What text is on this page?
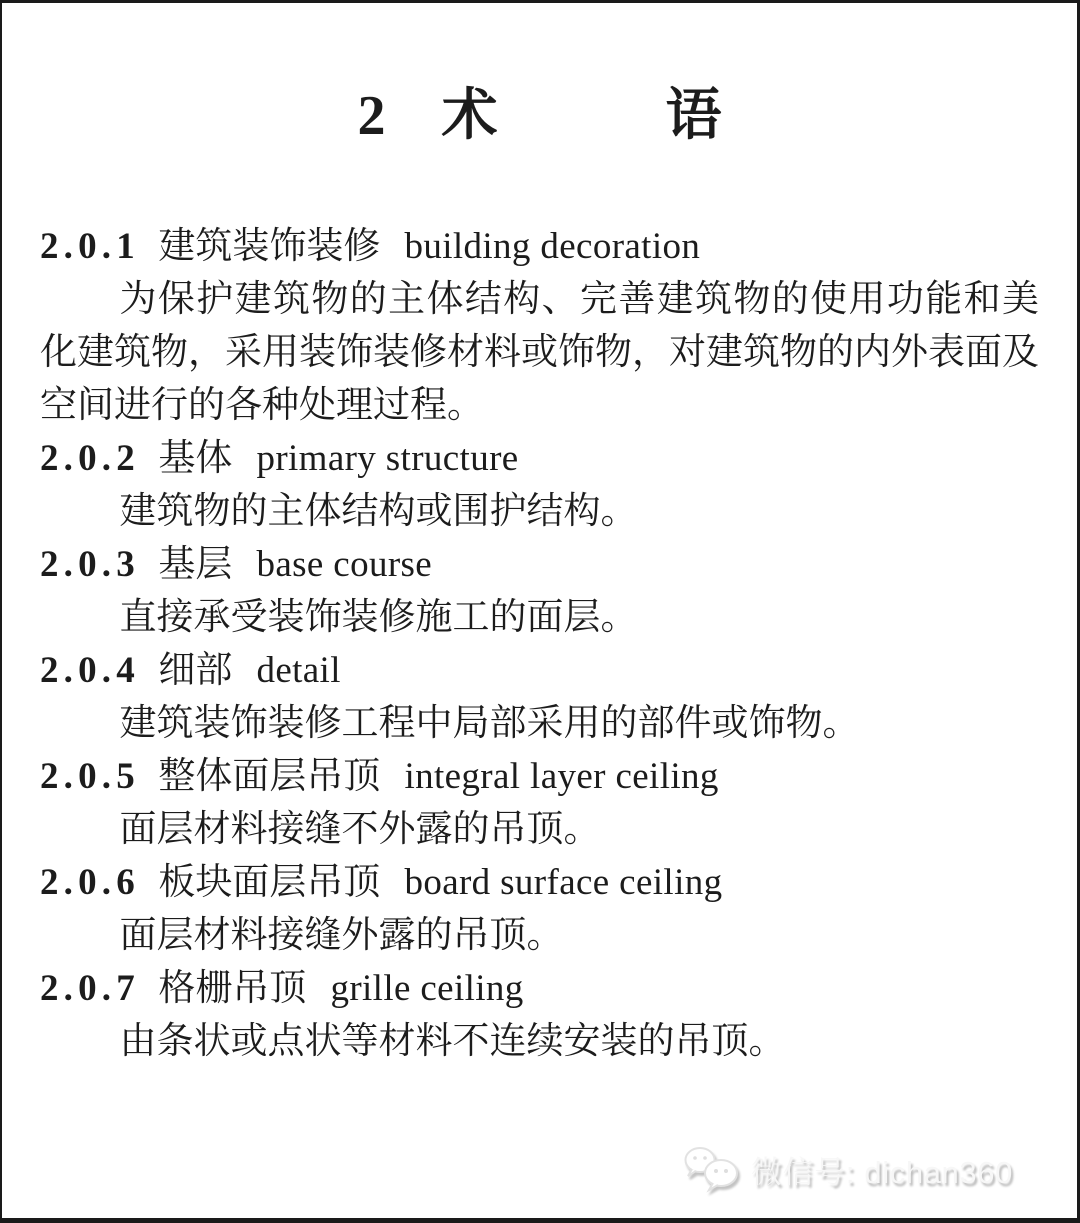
2 术  语
2.0.1 建筑装饰装修 building decoration

为保护建筑物的主体结构、完善建筑物的使用功能和美化建筑物，采用装饰装修材料或饰物，对建筑物的内外表面及空间进行的各种处理过程。

2.0.2 基体 primary structure

建筑物的主体结构或围护结构。

2.0.3 基层 base course

直接承受装饰装修施工的面层。

2.0.4 细部 detail

建筑装饰装修工程中局部采用的部件或饰物。

2.0.5 整体面层吊顶 integral layer ceiling

面层材料接缝不外露的吊顶。

2.0.6 板块面层吊顶 board surface ceiling

面层材料接缝外露的吊顶。

2.0.7 格栅吊顶 grille ceiling

由条状或点状等材料不连续安装的吊顶。

微信号: dichan360
